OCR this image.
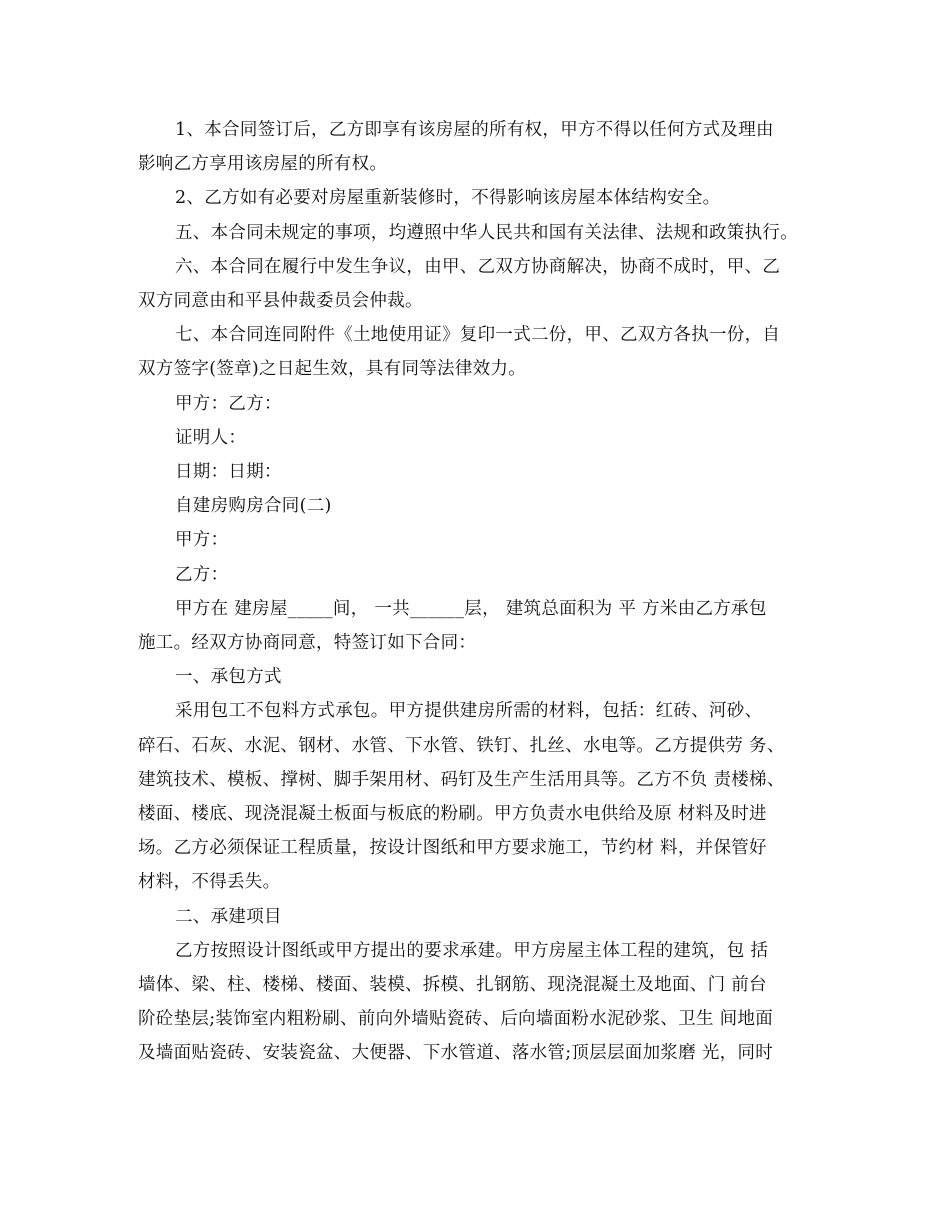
1、本合同签订后，乙方即享有该房屋的所有权，甲方不得以任何方式及理由

影响乙方享用该房屋的所有权。

2、乙方如有必要对房屋重新装修时，不得影响该房屋本体结构安全。

五、本合同未规定的事项，均遵照中华人民共和国有关法律、法规和政策执行。

六、本合同在履行中发生争议，由甲、乙双方协商解决，协商不成时，甲、乙

双方同意由和平县仲裁委员会仲裁。

七、本合同连同附件《土地使用证》复印一式二份，甲、乙双方各执一份，自

双方签字(签章)之日起生效，具有同等法律效力。

甲方：乙方：

证明人：

日期：日期：

自建房购房合同(二)

甲方：

乙方：

甲方在 建房屋_____间， 一共______层， 建筑总面积为 平 方米由乙方承包

施工。经双方协商同意，特签订如下合同：

一、承包方式

采用包工不包料方式承包。甲方提供建房所需的材料，包括：红砖、河砂、

碎石、石灰、水泥、钢材、水管、下水管、铁钉、扎丝、水电等。乙方提供劳 务、

建筑技术、模板、撑树、脚手架用材、码钉及生产生活用具等。乙方不负 责楼梯、

楼面、楼底、现浇混凝土板面与板底的粉刷。甲方负责水电供给及原 材料及时进

场。乙方必须保证工程质量，按设计图纸和甲方要求施工，节约材 料，并保管好

材料，不得丢失。

二、承建项目

乙方按照设计图纸或甲方提出的要求承建。甲方房屋主体工程的建筑，包 括

墙体、梁、柱、楼梯、楼面、装模、拆模、扎钢筋、现浇混凝土及地面、门 前台

阶砼垫层;装饰室内粗粉刷、前向外墙贴瓷砖、后向墙面粉水泥砂浆、卫生 间地面

及墙面贴瓷砖、安装瓷盆、大便器、下水管道、落水管;顶层层面加浆磨 光，同时
